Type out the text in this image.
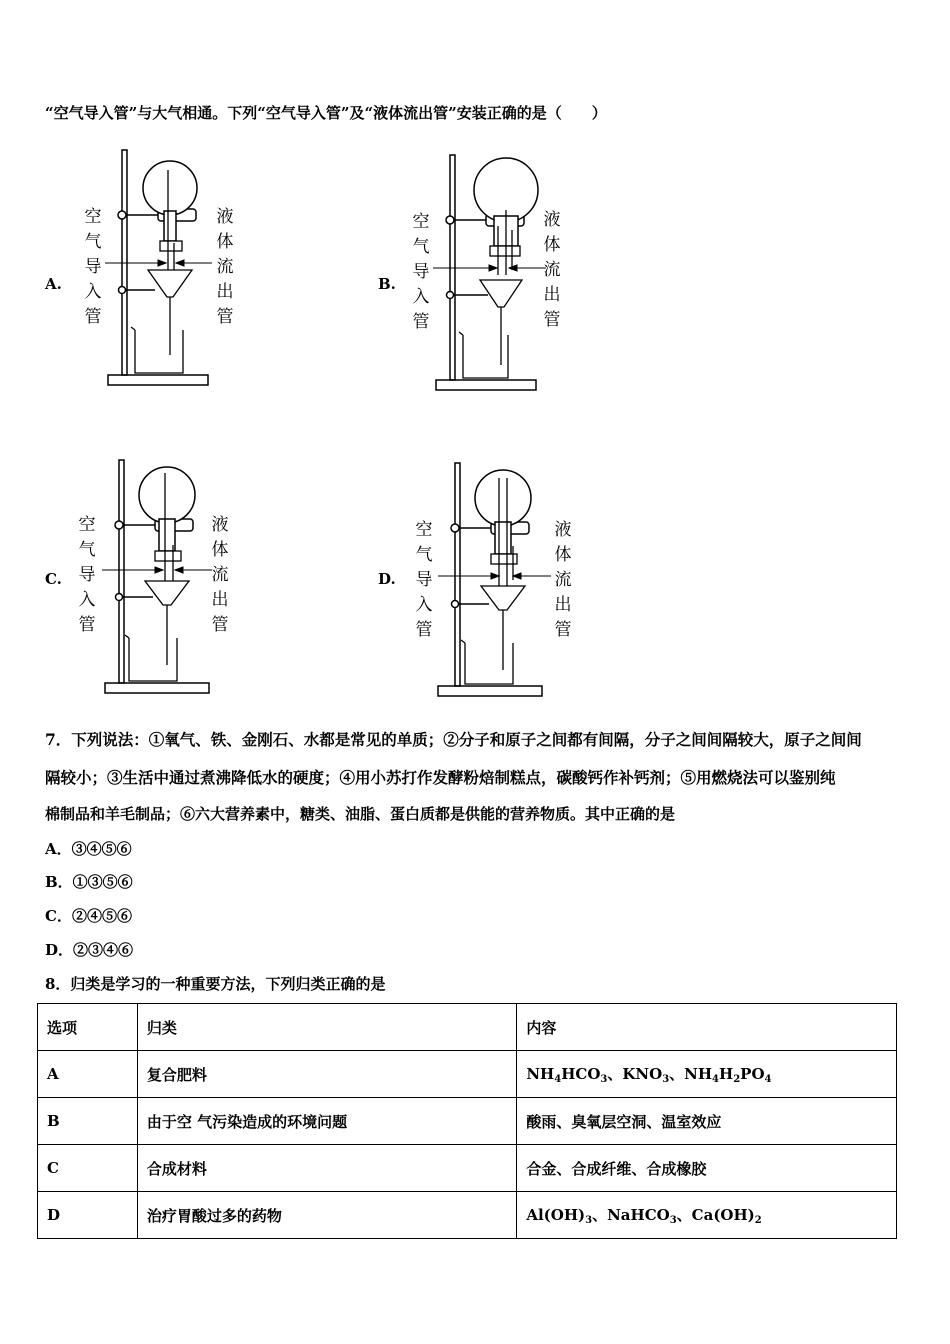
“空气导入管”与大气相通。下列“空气导入管”及“液体流出管”安装正确的是（　　）
A.
空
气
导
入
管
液
体
流
出
管
B.
空
气
导
入
管
液
体
流
出
管
C.
空
气
导
入
管
液
体
流
出
管
D.
空
气
导
入
管
液
体
流
出
管
7．下列说法：①氧气、铁、金刚石、水都是常见的单质；②分子和原子之间都有间隔，分子之间间隔较大，原子之间间
隔较小；③生活中通过煮沸降低水的硬度；④用小苏打作发酵粉焙制糕点，碳酸钙作补钙剂；⑤用燃烧法可以鉴别纯
棉制品和羊毛制品；⑥六大营养素中，糖类、油脂、蛋白质都是供能的营养物质。其中正确的是
A．③④⑤⑥
B．①③⑤⑥
C．②④⑤⑥
D．②③④⑥
8．归类是学习的一种重要方法，下列归类正确的是
选项	归类	内容
A	复合肥料	$NH_4HCO_3$、$KNO_3$、$NH_4H_2PO_4$
B	由于空 气污染造成的环境问题	酸雨、臭氧层空洞、温室效应
C	合成材料	合金、合成纤维、合成橡胶
D	治疗胃酸过多的药物	$Al(OH)_3$、NaHCO$_3$、$Ca(OH)_2$
